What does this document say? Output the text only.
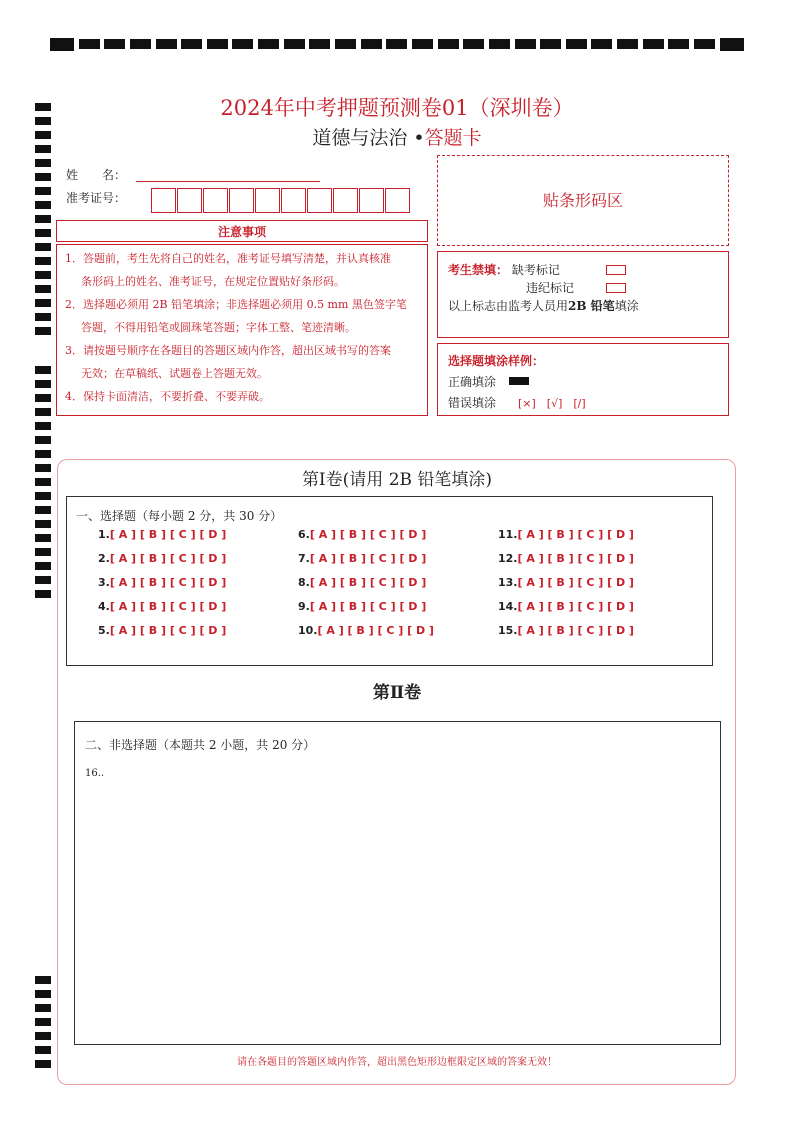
2024年中考押题预测卷01（深圳卷）
道德与法治 •答题卡
姓　　名：
准考证号：	贴条形码区
注意事项
1．答题前，考生先将自己的姓名，准考证号填写清楚，并认真核准
条形码上的姓名、准考证号，在规定位置贴好条形码。
2．选择题必须用 2B 铅笔填涂；非选择题必须用 0.5 mm 黑色签字笔
答题，不得用铅笔或圆珠笔答题；字体工整、笔迹清晰。
3．请按题号顺序在各题目的答题区域内作答，超出区域书写的答案
无效；在草稿纸、试题卷上答题无效。
4．保持卡面清洁，不要折叠、不要弄破。
考生禁填： 缺考标记
违纪标记
以上标志由监考人员用2B 铅笔填涂
选择题填涂样例：
正确填涂
错误填涂 [×]　[√]　[/]
第Ⅰ卷(请用 2B 铅笔填涂)
一、选择题（每小题 2 分，共 30 分）
1.[ A ] [ B ] [ C ] [ D ]
2.[ A ] [ B ] [ C ] [ D ]
3.[ A ] [ B ] [ C ] [ D ]
4.[ A ] [ B ] [ C ] [ D ]
5.[ A ] [ B ] [ C ] [ D ]
6.[ A ] [ B ] [ C ] [ D ]
7.[ A ] [ B ] [ C ] [ D ]
8.[ A ] [ B ] [ C ] [ D ]
9.[ A ] [ B ] [ C ] [ D ]
10.[ A ] [ B ] [ C ] [ D ]
11.[ A ] [ B ] [ C ] [ D ]
12.[ A ] [ B ] [ C ] [ D ]
13.[ A ] [ B ] [ C ] [ D ]
14.[ A ] [ B ] [ C ] [ D ]
15.[ A ] [ B ] [ C ] [ D ]
第Ⅱ卷
二、非选择题（本题共 2 小题，共 20 分）
16..
请在各题目的答题区域内作答，超出黑色矩形边框限定区域的答案无效！
